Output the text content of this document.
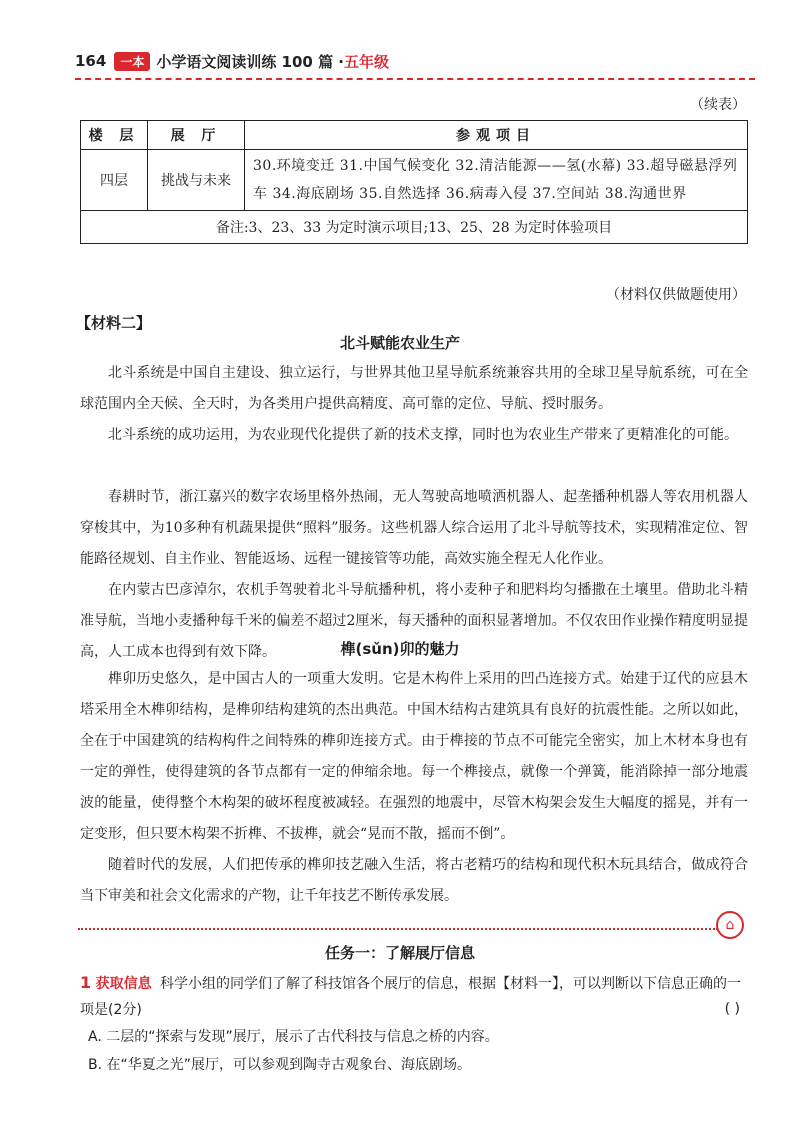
164	一本 小学语文阅读训练 100 篇 · 五年级
（续表）
楼 层	展 厅	参观项目
四层	挑战与未来	30.环境变迁 31.中国气候变化 32.清洁能源——氢(水幕) 33.超导磁悬浮列车 34.海底剧场 35.自然选择 36.病毒入侵 37.空间站 38.沟通世界
备注:3、23、33 为定时演示项目;13、25、28 为定时体验项目		
（材料仅供做题使用）
【材料二】
北斗赋能农业生产

北斗系统是中国自主建设、独立运行，与世界其他卫星导航系统兼容共用的全球卫星导航系统，可在全球范围内全天候、全天时，为各类用户提供高精度、高可靠的定位、导航、授时服务。

北斗系统的成功运用，为农业现代化提供了新的技术支撑，同时也为农业生产带来了更精准化的可能。

春耕时节，浙江嘉兴的数字农场里格外热闹，无人驾驶高地喷洒机器人、起垄播种机器人等农用机器人穿梭其中，为10多种有机蔬果提供“照料”服务。这些机器人综合运用了北斗导航等技术，实现精准定位、智能路径规划、自主作业、智能返场、远程一键接管等功能，高效实施全程无人化作业。

在内蒙古巴彦淖尔，农机手驾驶着北斗导航播种机，将小麦种子和肥料均匀播撒在土壤里。借助北斗精准导航，当地小麦播种每千米的偏差不超过2厘米，每天播种的面积显著增加。不仅农田作业操作精度明显提高，人工成本也得到有效下降。	榫(sǔn)卯的魅力

榫卯历史悠久，是中国古人的一项重大发明。它是木构件上采用的凹凸连接方式。始建于辽代的应县木塔采用全木榫卯结构，是榫卯结构建筑的杰出典范。中国木结构古建筑具有良好的抗震性能。之所以如此，全在于中国建筑的结构构件之间特殊的榫卯连接方式。由于榫接的节点不可能完全密实，加上木材本身也有一定的弹性，使得建筑的各节点都有一定的伸缩余地。每一个榫接点，就像一个弹簧，能消除掉一部分地震波的能量，使得整个木构架的破坏程度被减轻。在强烈的地震中，尽管木构架会发生大幅度的摇晃，并有一定变形，但只要木构架不折榫、不拔榫，就会“晃而不散，摇而不倒”。

随着时代的发展，人们把传承的榫卯技艺融入生活，将古老精巧的结构和现代积木玩具结合，做成符合当下审美和社会文化需求的产物，让千年技艺不断传承发展。

⌂
任务一：了解展厅信息
1 获取信息 科学小组的同学们了解了科技馆各个展厅的信息，根据【材料一】，可以判断以下信息正确的一项是(2分)	( )
A. 二层的“探索与发现”展厅，展示了古代科技与信息之桥的内容。
B. 在“华夏之光”展厅，可以参观到陶寺古观象台、海底剧场。
